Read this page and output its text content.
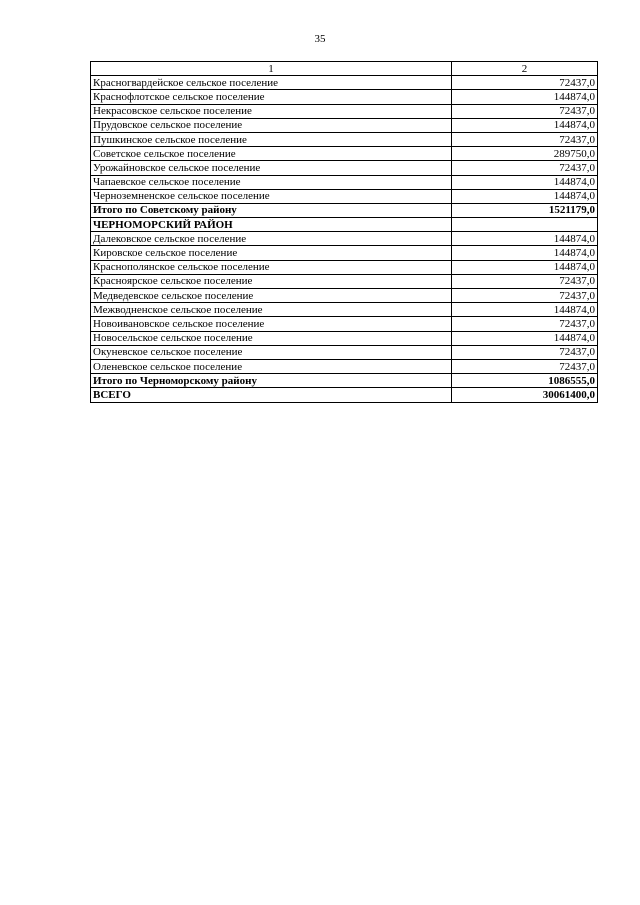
35
1	2
Красногвардейское сельское поселение	72437,0
Краснофлотское сельское поселение	144874,0
Некрасовское сельское поселение	72437,0
Прудовское сельское поселение	144874,0
Пушкинское сельское поселение	72437,0
Советское сельское поселение	289750,0
Урожайновское сельское поселение	72437,0
Чапаевское сельское поселение	144874,0
Черноземненское сельское поселение	144874,0
Итого по Советскому району	1521179,0
ЧЕРНОМОРСКИЙ РАЙОН	
Далековское сельское поселение	144874,0
Кировское сельское поселение	144874,0
Краснополянское сельское поселение	144874,0
Краснoярское сельское поселение	72437,0
Медведевское сельское поселение	72437,0
Межводненское сельское поселение	144874,0
Новоивановское сельское поселение	72437,0
Новосельское сельское поселение	144874,0
Окуневское сельское поселение	72437,0
Оленевское сельское поселение	72437,0
Итого по Черноморскому району	1086555,0
ВСЕГО	30061400,0
